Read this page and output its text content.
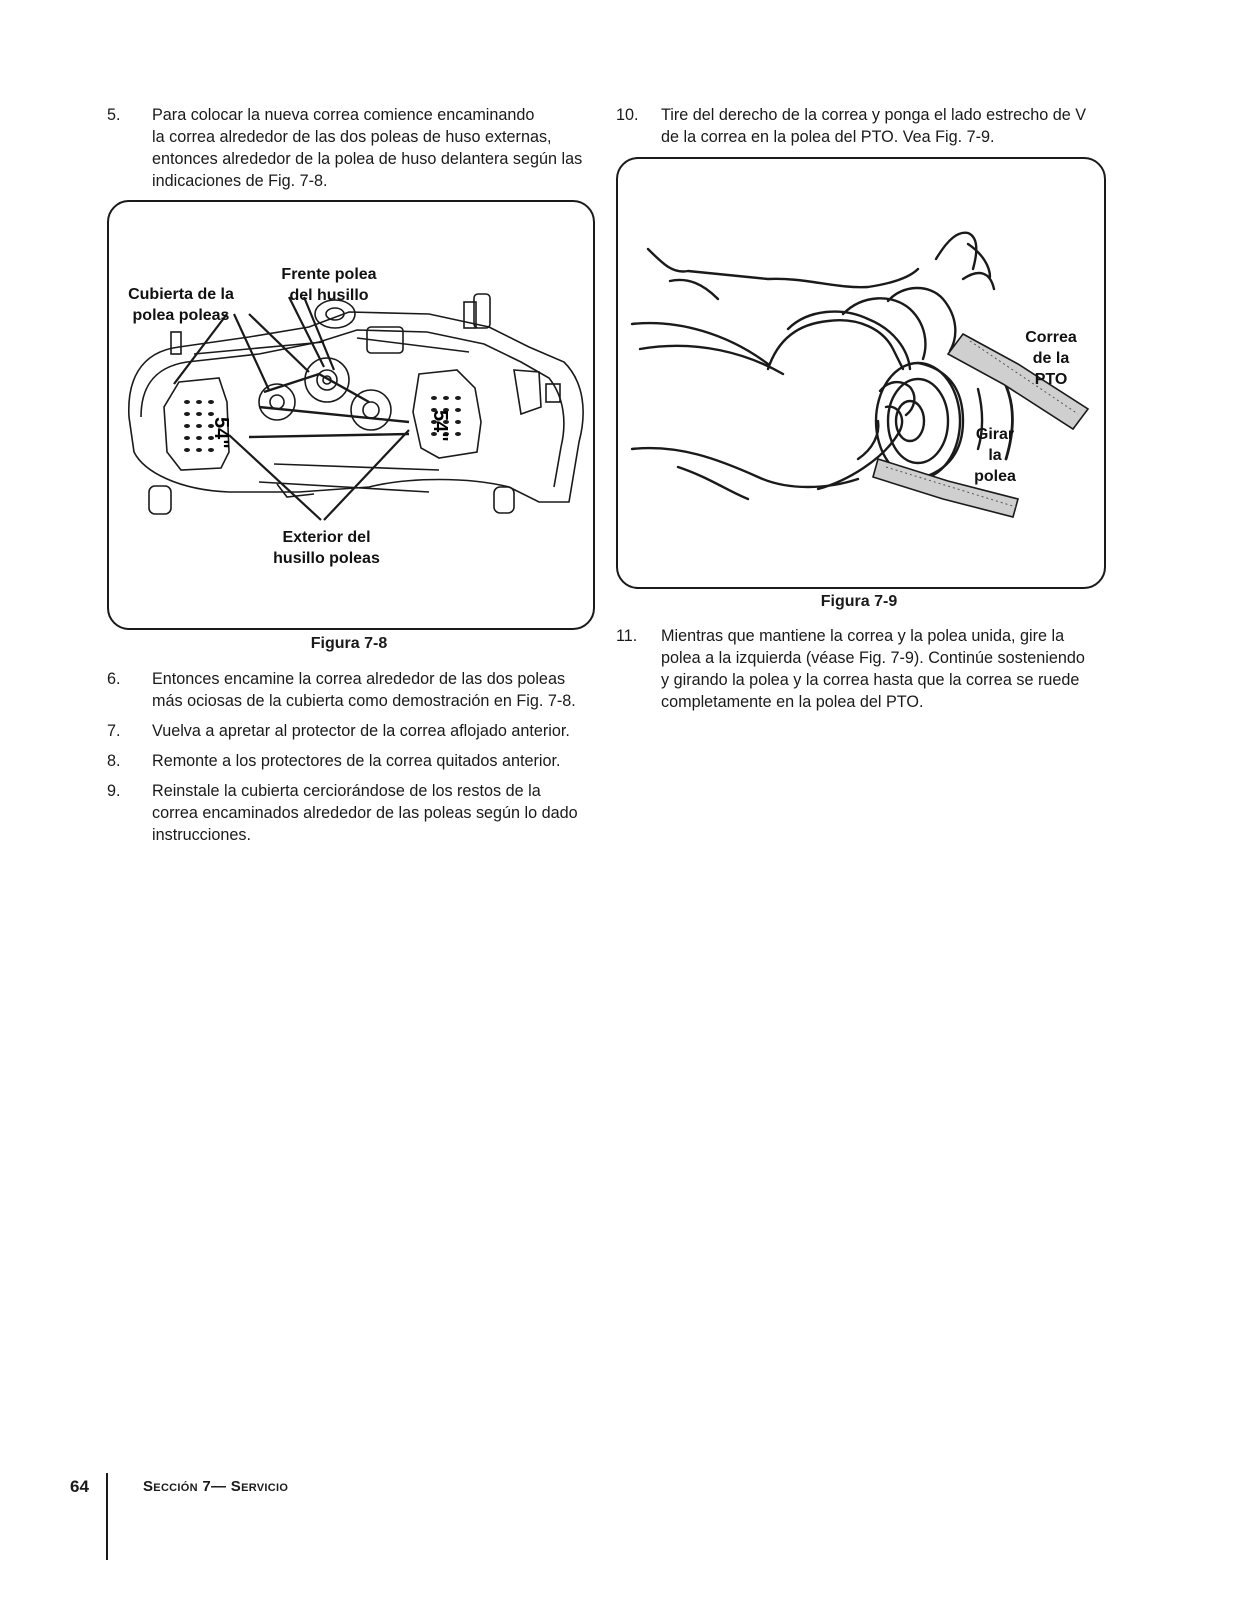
5. Para colocar la nueva correa comience encaminando
la correa alrededor de las dos poleas de huso externas,
entonces alrededor de la polea de huso delantera según las
indicaciones de Fig. 7-8.
54"	54"
Cubierta de la
polea poleas
Frente polea
del husillo
Exterior del
husillo poleas
Figura 7-8
6. Entonces encamine la correa alrededor de las dos poleas
más ociosas de la cubierta como demostración en Fig. 7-8.
7. Vuelva a apretar al protector de la correa aflojado anterior.
8. Remonte a los protectores de la correa quitados anterior.
9. Reinstale la cubierta cerciorándose de los restos de la
correa encaminados alrededor de las poleas según lo dado
instrucciones.
10. Tire del derecho de la correa y ponga el lado estrecho de V
de la correa en la polea del PTO. Vea Fig. 7-9.
Correa
de la
PTO
Girar
la
polea
Figura 7-9
11. Mientras que mantiene la correa y la polea unida, gire la
polea a la izquierda (véase Fig. 7-9). Continúe sosteniendo
y girando la polea y la correa hasta que la correa se ruede
completamente en la polea del PTO.
64	Sección 7— Servicio
